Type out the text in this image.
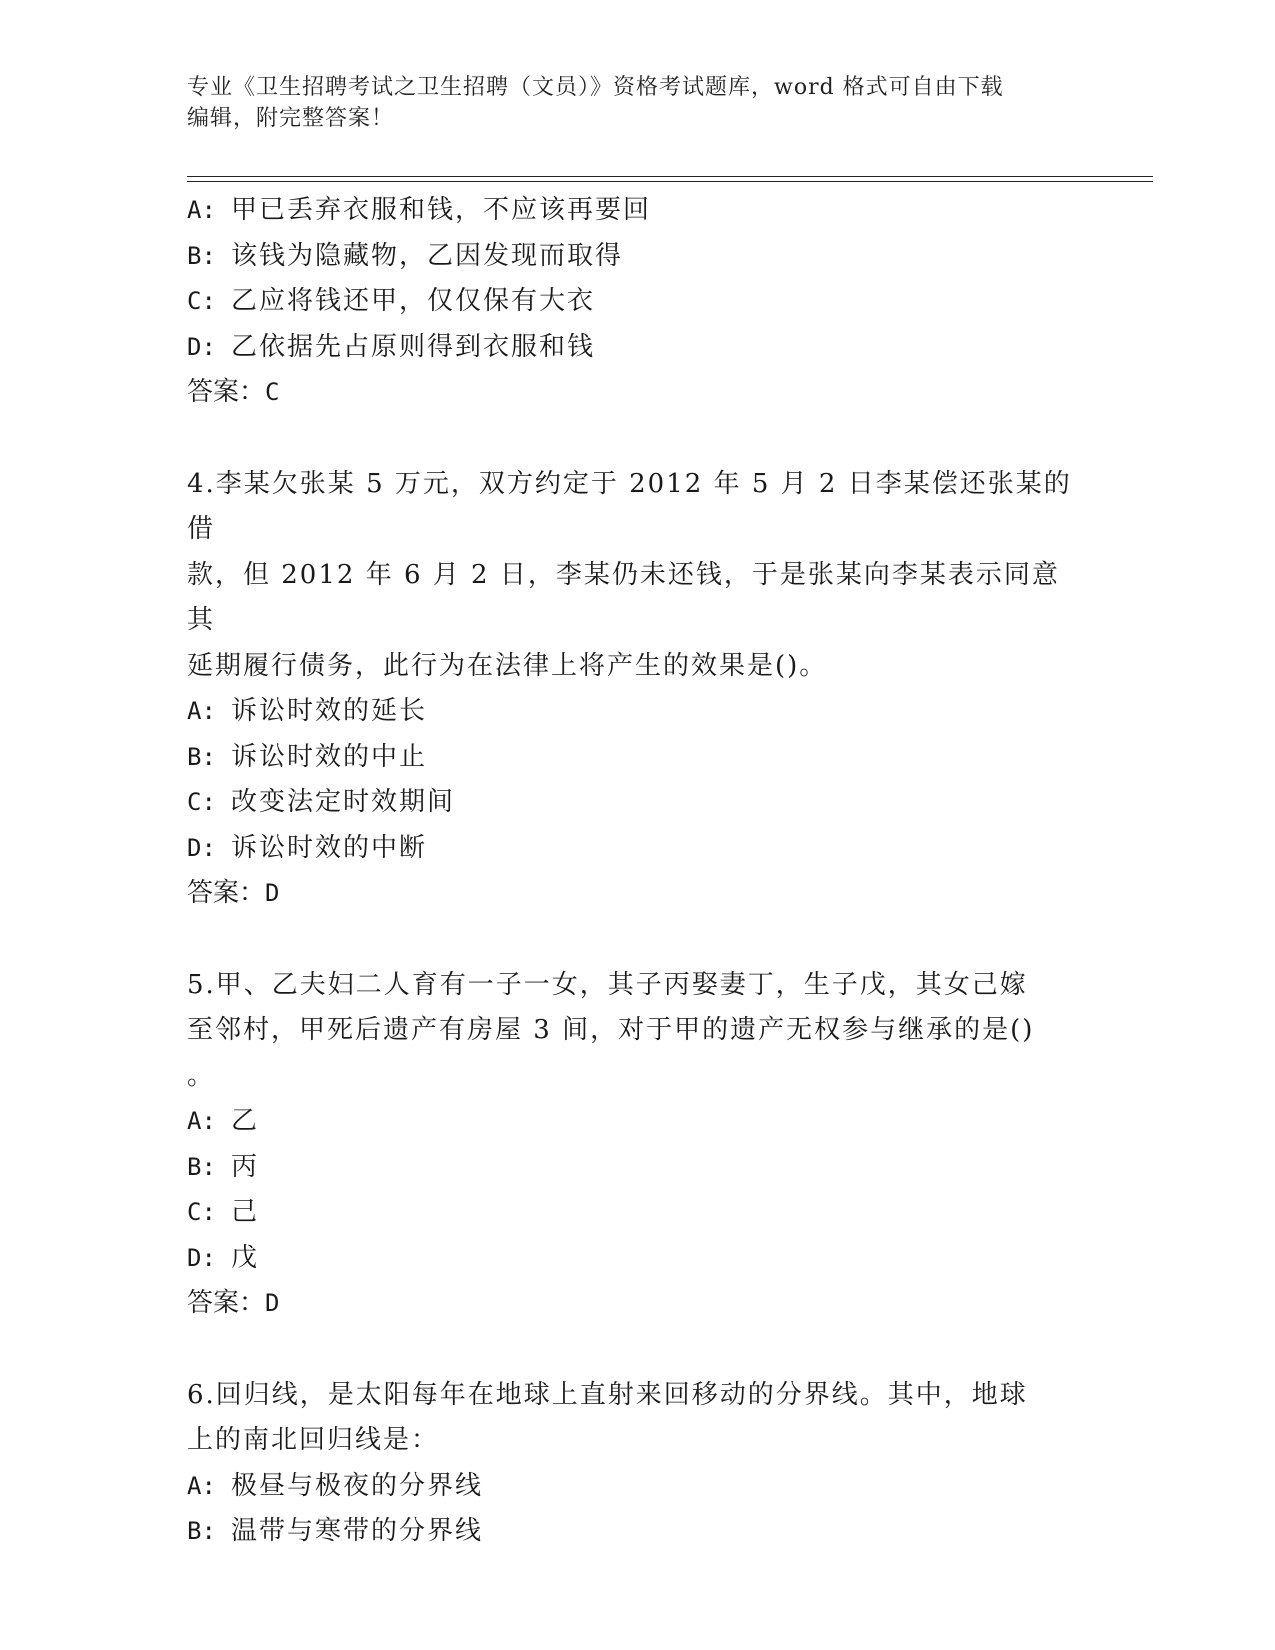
专业《卫生招聘考试之卫生招聘（文员）》资格考试题库，word 格式可自由下载
编辑，附完整答案！
A: 甲已丢弃衣服和钱，不应该再要回
B: 该钱为隐藏物，乙因发现而取得
C: 乙应将钱还甲，仅仅保有大衣
D: 乙依据先占原则得到衣服和钱
答案：C
4.李某欠张某 5 万元，双方约定于 2012 年 5 月 2 日李某偿还张某的借
款，但 2012 年 6 月 2 日，李某仍未还钱，于是张某向李某表示同意其
延期履行债务，此行为在法律上将产生的效果是()。
A: 诉讼时效的延长
B: 诉讼时效的中止
C: 改变法定时效期间
D: 诉讼时效的中断
答案：D
5.甲、乙夫妇二人育有一子一女，其子丙娶妻丁，生子戊，其女己嫁
至邻村，甲死后遗产有房屋 3 间，对于甲的遗产无权参与继承的是()
。
A: 乙
B: 丙
C: 己
D: 戊
答案：D
6.回归线，是太阳每年在地球上直射来回移动的分界线。其中，地球
上的南北回归线是：
A: 极昼与极夜的分界线
B: 温带与寒带的分界线
